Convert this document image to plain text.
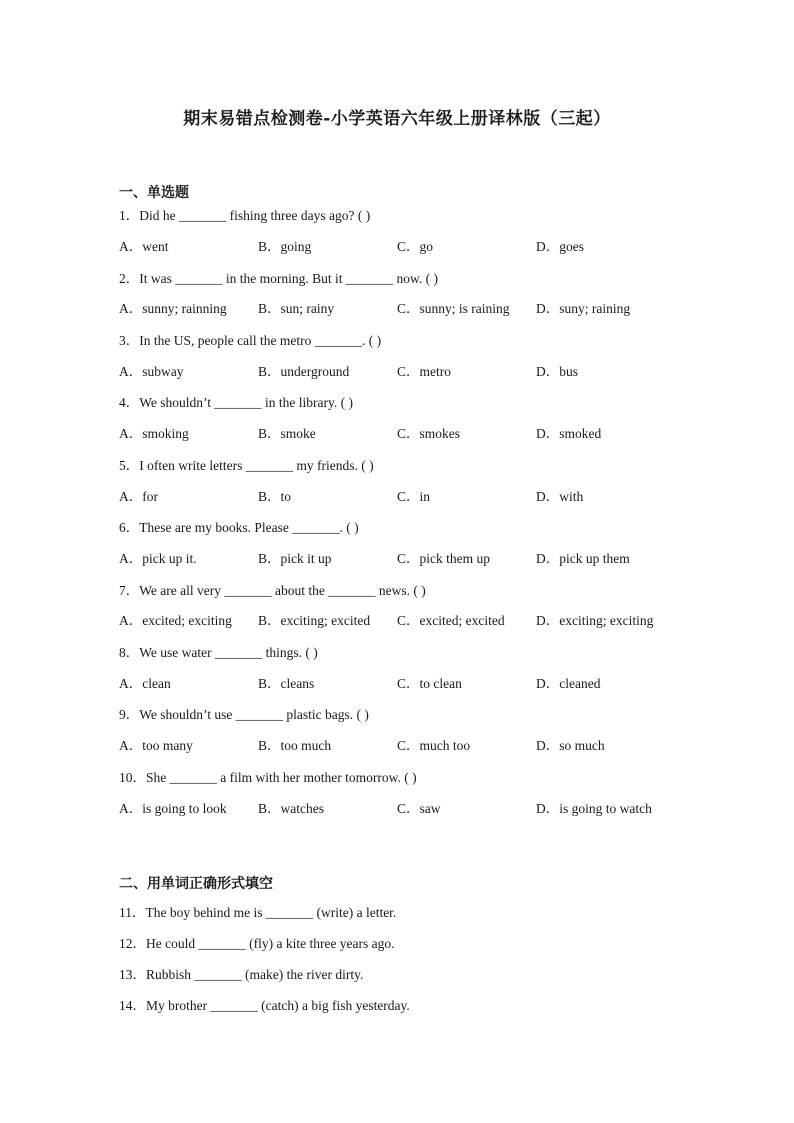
期末易错点检测卷-小学英语六年级上册译林版（三起）
一、单选题
1．Did he _______ fishing three days ago? ( )
A．went	B．going	C．go	D．goes
2．It was _______ in the morning. But it _______ now. ( )
A．sunny; rainning B．sun; rainy	C．sunny; is raining D．suny; raining
3．In the US, people call the metro _______. ( )
A．subway	B．underground	C．metro	D．bus
4．We shouldn’t _______ in the library. ( )
A．smoking	B．smoke	C．smokes	D．smoked
5．I often write letters _______ my friends. ( )
A．for	B．to	C．in	D．with
6．These are my books. Please _______. ( )
A．pick up it.	B．pick it up	C．pick them up	D．pick up them
7．We are all very _______ about the _______ news. ( )
A．excited; exciting B．exciting; excited C．excited; excited D．exciting; exciting
8．We use water _______ things. ( )
A．clean	B．cleans	C．to clean	D．cleaned
9．We shouldn’t use _______ plastic bags. ( )
A．too many	B．too much	C．much too	D．so much
10．She _______ a film with her mother tomorrow. ( )
A．is going to look B．watches	C．saw	D．is going to watch
二、用单词正确形式填空
11．The boy behind me is _______ (write) a letter.
12．He could _______ (fly) a kite three years ago.
13．Rubbish _______ (make) the river dirty.
14．My brother _______ (catch) a big fish yesterday.
